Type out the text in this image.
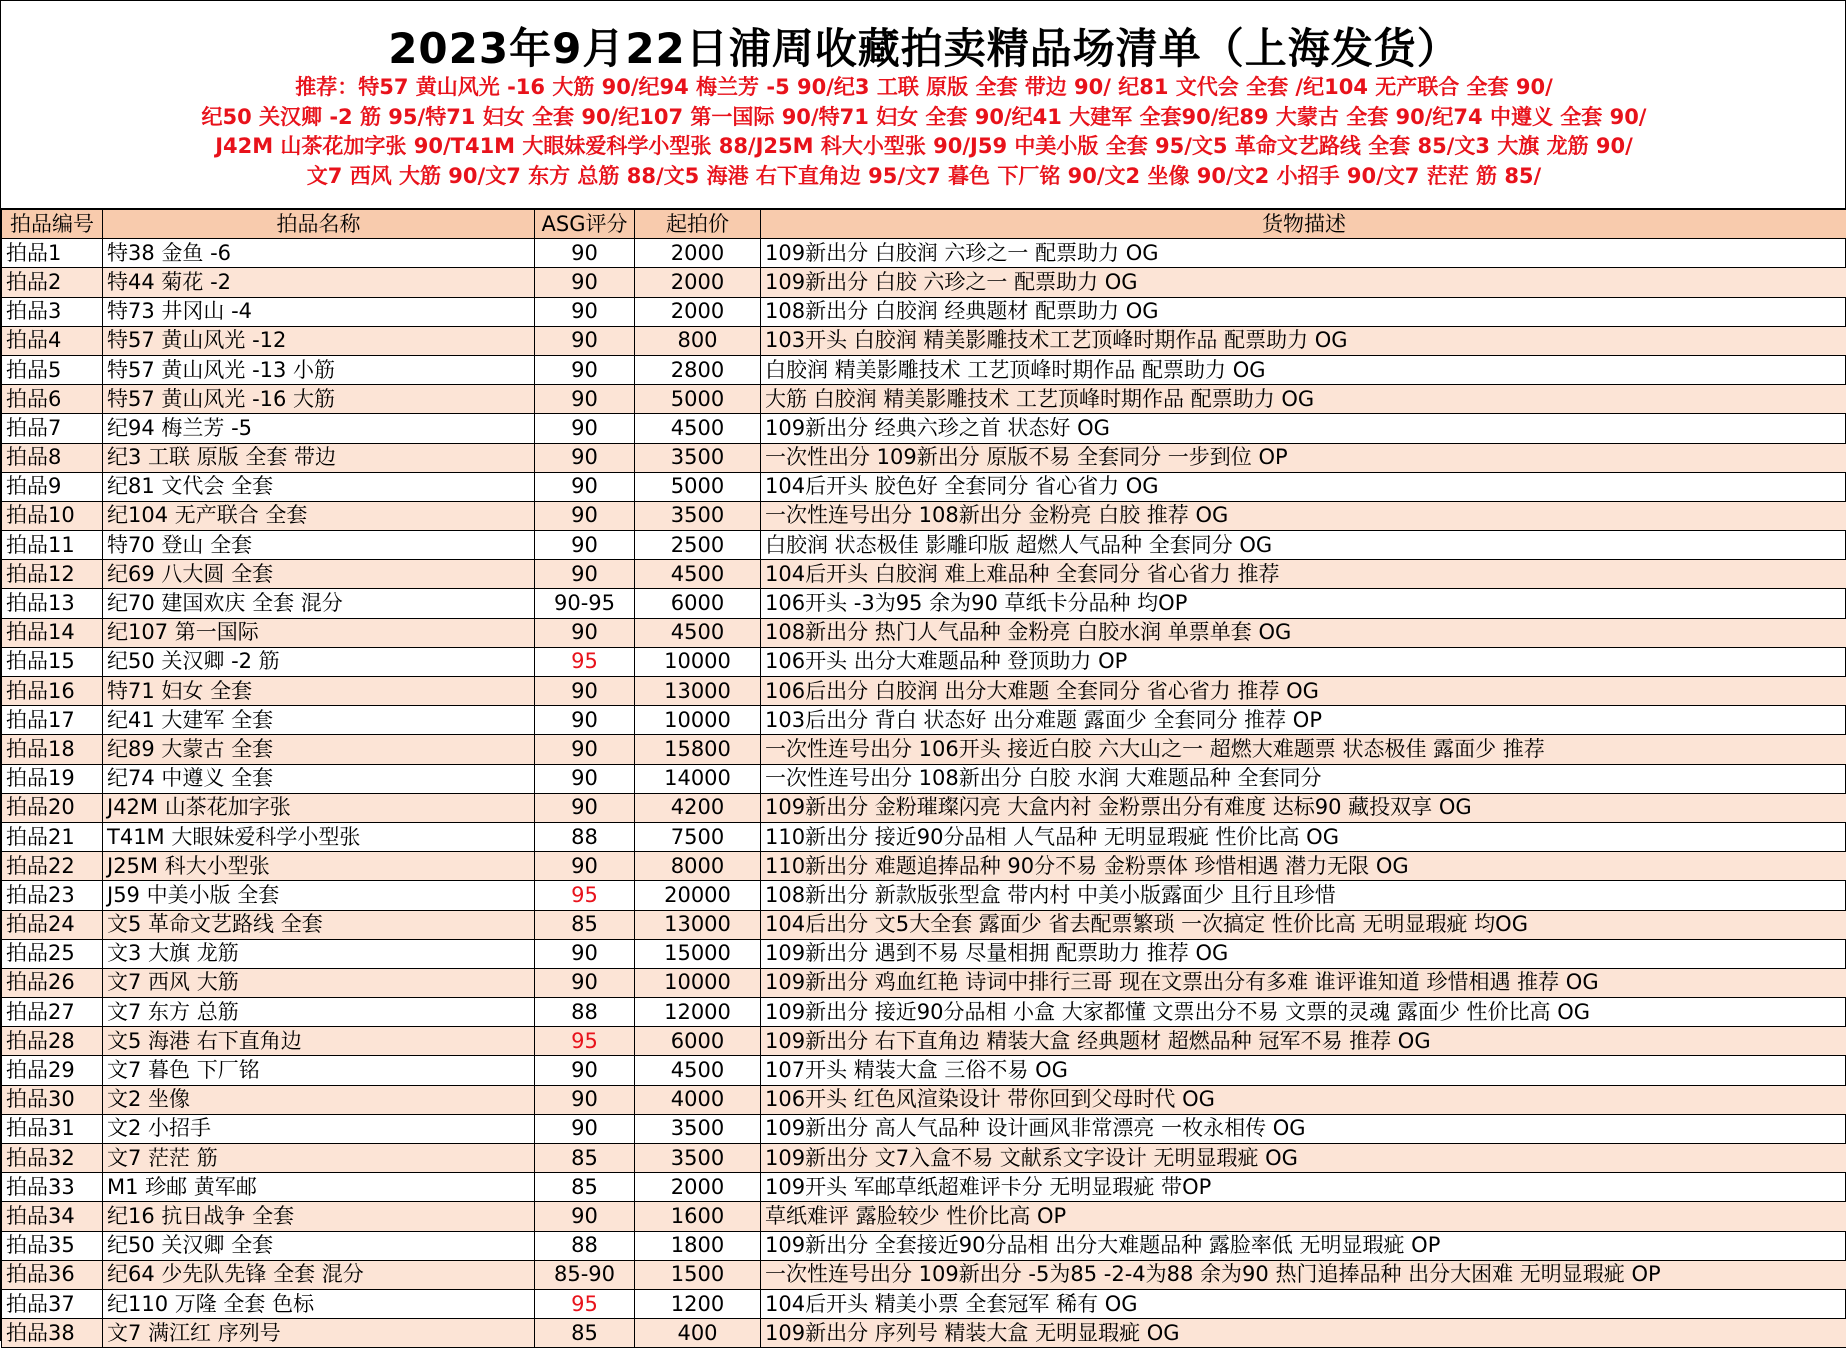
2023年9月22日浦周收藏拍卖精品场清单（上海发货）
推荐：特57 黄山风光 -16 大筋 90/纪94 梅兰芳 -5 90/纪3 工联 原版 全套 带边 90/ 纪81 文代会 全套 /纪104 无产联合 全套 90/
纪50 关汉卿 -2 筋 95/特71 妇女 全套 90/纪107 第一国际 90/特71 妇女 全套 90/纪41 大建军 全套90/纪89 大蒙古 全套 90/纪74 中遵义 全套 90/
J42M 山茶花加字张 90/T41M 大眼妹爱科学小型张 88/J25M 科大小型张 90/J59 中美小版 全套 95/文5 革命文艺路线 全套 85/文3 大旗 龙筋 90/
文7 西风 大筋 90/文7 东方 总筋 88/文5 海港 右下直角边 95/文7 暮色 下厂铭 90/文2 坐像 90/文2 小招手 90/文7 茫茫 筋 85/
拍品编号	拍品名称	ASG评分	起拍价	货物描述
拍品1	特38 金鱼 -6	90	2000	109新出分 白胶润 六珍之一 配票助力 OG
拍品2	特44 菊花 -2	90	2000	109新出分 白胶 六珍之一 配票助力 OG
拍品3	特73 井冈山 -4	90	2000	108新出分 白胶润 经典题材 配票助力 OG
拍品4	特57 黄山风光 -12	90	800	103开头 白胶润 精美影雕技术工艺顶峰时期作品 配票助力 OG
拍品5	特57 黄山风光 -13 小筋	90	2800	白胶润 精美影雕技术 工艺顶峰时期作品 配票助力 OG
拍品6	特57 黄山风光 -16 大筋	90	5000	大筋 白胶润 精美影雕技术 工艺顶峰时期作品 配票助力 OG
拍品7	纪94 梅兰芳 -5	90	4500	109新出分 经典六珍之首 状态好 OG
拍品8	纪3 工联 原版 全套 带边	90	3500	一次性出分 109新出分 原版不易 全套同分 一步到位 OP
拍品9	纪81 文代会 全套	90	5000	104后开头 胶色好 全套同分 省心省力 OG
拍品10	纪104 无产联合 全套	90	3500	一次性连号出分 108新出分 金粉亮 白胶 推荐 OG
拍品11	特70 登山 全套	90	2500	白胶润 状态极佳 影雕印版 超燃人气品种 全套同分 OG
拍品12	纪69 八大圆 全套	90	4500	104后开头 白胶润 难上难品种 全套同分 省心省力 推荐
拍品13	纪70 建国欢庆 全套 混分	90-95	6000	106开头 -3为95 余为90 草纸卡分品种 均OP
拍品14	纪107 第一国际	90	4500	108新出分 热门人气品种 金粉亮 白胶水润 单票单套 OG
拍品15	纪50 关汉卿 -2 筋	95	10000	106开头 出分大难题品种 登顶助力 OP
拍品16	特71 妇女 全套	90	13000	106后出分 白胶润 出分大难题 全套同分 省心省力 推荐 OG
拍品17	纪41 大建军 全套	90	10000	103后出分 背白 状态好 出分难题 露面少 全套同分 推荐 OP
拍品18	纪89 大蒙古 全套	90	15800	一次性连号出分 106开头 接近白胶 六大山之一 超燃大难题票 状态极佳 露面少 推荐
拍品19	纪74 中遵义 全套	90	14000	一次性连号出分 108新出分 白胶 水润 大难题品种 全套同分
拍品20	J42M 山茶花加字张	90	4200	109新出分 金粉璀璨闪亮 大盒内衬 金粉票出分有难度 达标90 藏投双享 OG
拍品21	T41M 大眼妹爱科学小型张	88	7500	110新出分 接近90分品相 人气品种 无明显瑕疵 性价比高 OG
拍品22	J25M 科大小型张	90	8000	110新出分 难题追捧品种 90分不易 金粉票体 珍惜相遇 潜力无限 OG
拍品23	J59 中美小版 全套	95	20000	108新出分 新款版张型盒 带内村 中美小版露面少 且行且珍惜
拍品24	文5 革命文艺路线 全套	85	13000	104后出分 文5大全套 露面少 省去配票繁琐 一次搞定 性价比高 无明显瑕疵 均OG
拍品25	文3 大旗 龙筋	90	15000	109新出分 遇到不易 尽量相拥 配票助力 推荐 OG
拍品26	文7 西风 大筋	90	10000	109新出分 鸡血红艳 诗词中排行三哥 现在文票出分有多难 谁评谁知道 珍惜相遇 推荐 OG
拍品27	文7 东方 总筋	88	12000	109新出分 接近90分品相 小盒 大家都懂 文票出分不易 文票的灵魂 露面少 性价比高 OG
拍品28	文5 海港 右下直角边	95	6000	109新出分 右下直角边 精装大盒 经典题材 超燃品种 冠军不易 推荐 OG
拍品29	文7 暮色 下厂铭	90	4500	107开头 精装大盒 三俗不易 OG
拍品30	文2 坐像	90	4000	106开头 红色风渲染设计 带你回到父母时代 OG
拍品31	文2 小招手	90	3500	109新出分 高人气品种 设计画风非常漂亮 一枚永相传 OG
拍品32	文7 茫茫 筋	85	3500	109新出分 文7入盒不易 文献系文字设计 无明显瑕疵 OG
拍品33	M1 珍邮 黄军邮	85	2000	109开头 军邮草纸超难评卡分 无明显瑕疵 带OP
拍品34	纪16 抗日战争 全套	90	1600	草纸难评 露脸较少 性价比高 OP
拍品35	纪50 关汉卿 全套	88	1800	109新出分 全套接近90分品相 出分大难题品种 露脸率低 无明显瑕疵 OP
拍品36	纪64 少先队先锋 全套 混分	85-90	1500	一次性连号出分 109新出分 -5为85 -2-4为88 余为90 热门追捧品种 出分大困难 无明显瑕疵 OP
拍品37	纪110 万隆 全套 色标	95	1200	104后开头 精美小票 全套冠军 稀有 OG
拍品38	文7 满江红 序列号	85	400	109新出分 序列号 精装大盒 无明显瑕疵 OG
